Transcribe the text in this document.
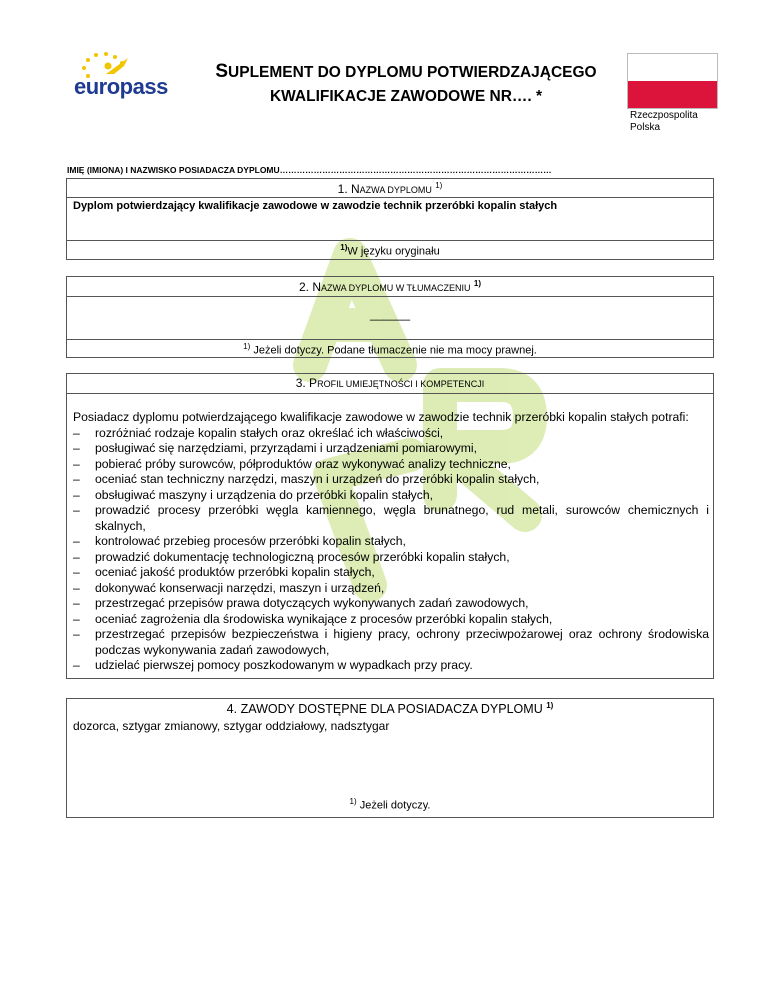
europass
SUPLEMENT DO DYPLOMU POTWIERDZAJĄCEGO
KWALIFIKACJE ZAWODOWE NR…. *
Rzeczpospolita
Polska
IMIĘ (IMIONA) I NAZWISKO POSIADACZA DYPLOMU……………………………………………………………………………………
1. NAZWA DYPLOMU $^{1)}$
Dyplom potwierdzający kwalifikacje zawodowe w zawodzie technik przeróbki kopalin stałych
$^{1)}$W języku oryginału
2. NAZWA DYPLOMU W TŁUMACZENIU $^{1)}$
______
$^{1)}$ Jeżeli dotyczy. Podane tłumaczenie nie ma mocy prawnej.
3. PROFIL UMIEJĘTNOŚCI I KOMPETENCJI
Posiadacz dyplomu potwierdzającego kwalifikacje zawodowe w zawodzie technik przeróbki kopalin stałych potrafi:
– rozróżniać rodzaje kopalin stałych oraz określać ich właściwości,
– posługiwać się narzędziami, przyrządami i urządzeniami pomiarowymi,
– pobierać próby surowców, półproduktów oraz wykonywać analizy techniczne,
– oceniać stan techniczny narzędzi, maszyn i urządzeń do przeróbki kopalin stałych,
– obsługiwać maszyny i urządzenia do przeróbki kopalin stałych,
– prowadzić procesy przeróbki węgla kamiennego, węgla brunatnego, rud metali, surowców chemicznych i skalnych,
– kontrolować przebieg procesów przeróbki kopalin stałych,
– prowadzić dokumentację technologiczną procesów przeróbki kopalin stałych,
– oceniać jakość produktów przeróbki kopalin stałych,
– dokonywać konserwacji narzędzi, maszyn i urządzeń,
– przestrzegać przepisów prawa dotyczących wykonywanych zadań zawodowych,
– oceniać zagrożenia dla środowiska wynikające z procesów przeróbki kopalin stałych,
– przestrzegać przepisów bezpieczeństwa i higieny pracy, ochrony przeciwpożarowej oraz ochrony środowiska podczas wykonywania zadań zawodowych,
– udzielać pierwszej pomocy poszkodowanym w wypadkach przy pracy.
4. ZAWODY DOSTĘPNE DLA POSIADACZA DYPLOMU $^{1)}$
dozorca, sztygar zmianowy, sztygar oddziałowy, nadsztygar
$^{1)}$ Jeżeli dotyczy.
